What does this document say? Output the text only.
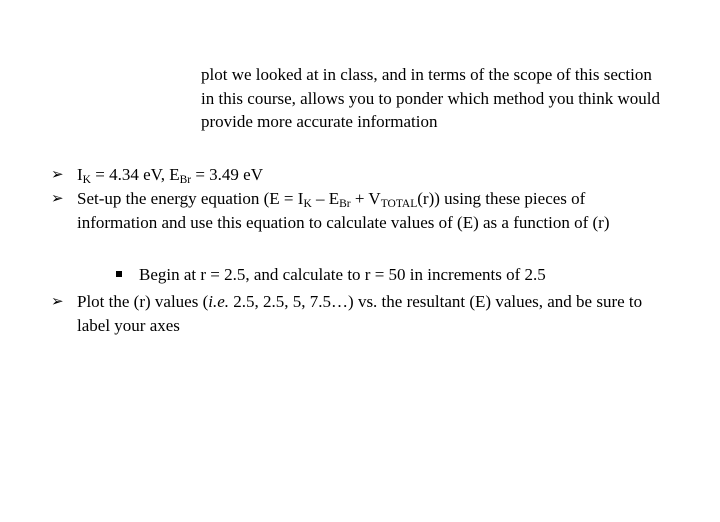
plot we looked at in class, and in terms of the scope of this section in this course, allows you to ponder which method you think would provide more accurate information
➢ $I_K = 4.34$ eV, $E_{Br} = 3.49$ eV
➢ Set-up the energy equation $(E = I_K - E_{Br} + V_{TOTAL}(r))$ using these pieces of information and use this equation to calculate values of (E) as a function of (r)
Begin at r = 2.5, and calculate to r = 50 in increments of 2.5
➢ Plot the (r) values (i.e. 2.5, 2.5, 5, 7.5…) vs. the resultant (E) values, and be sure to label your axes
